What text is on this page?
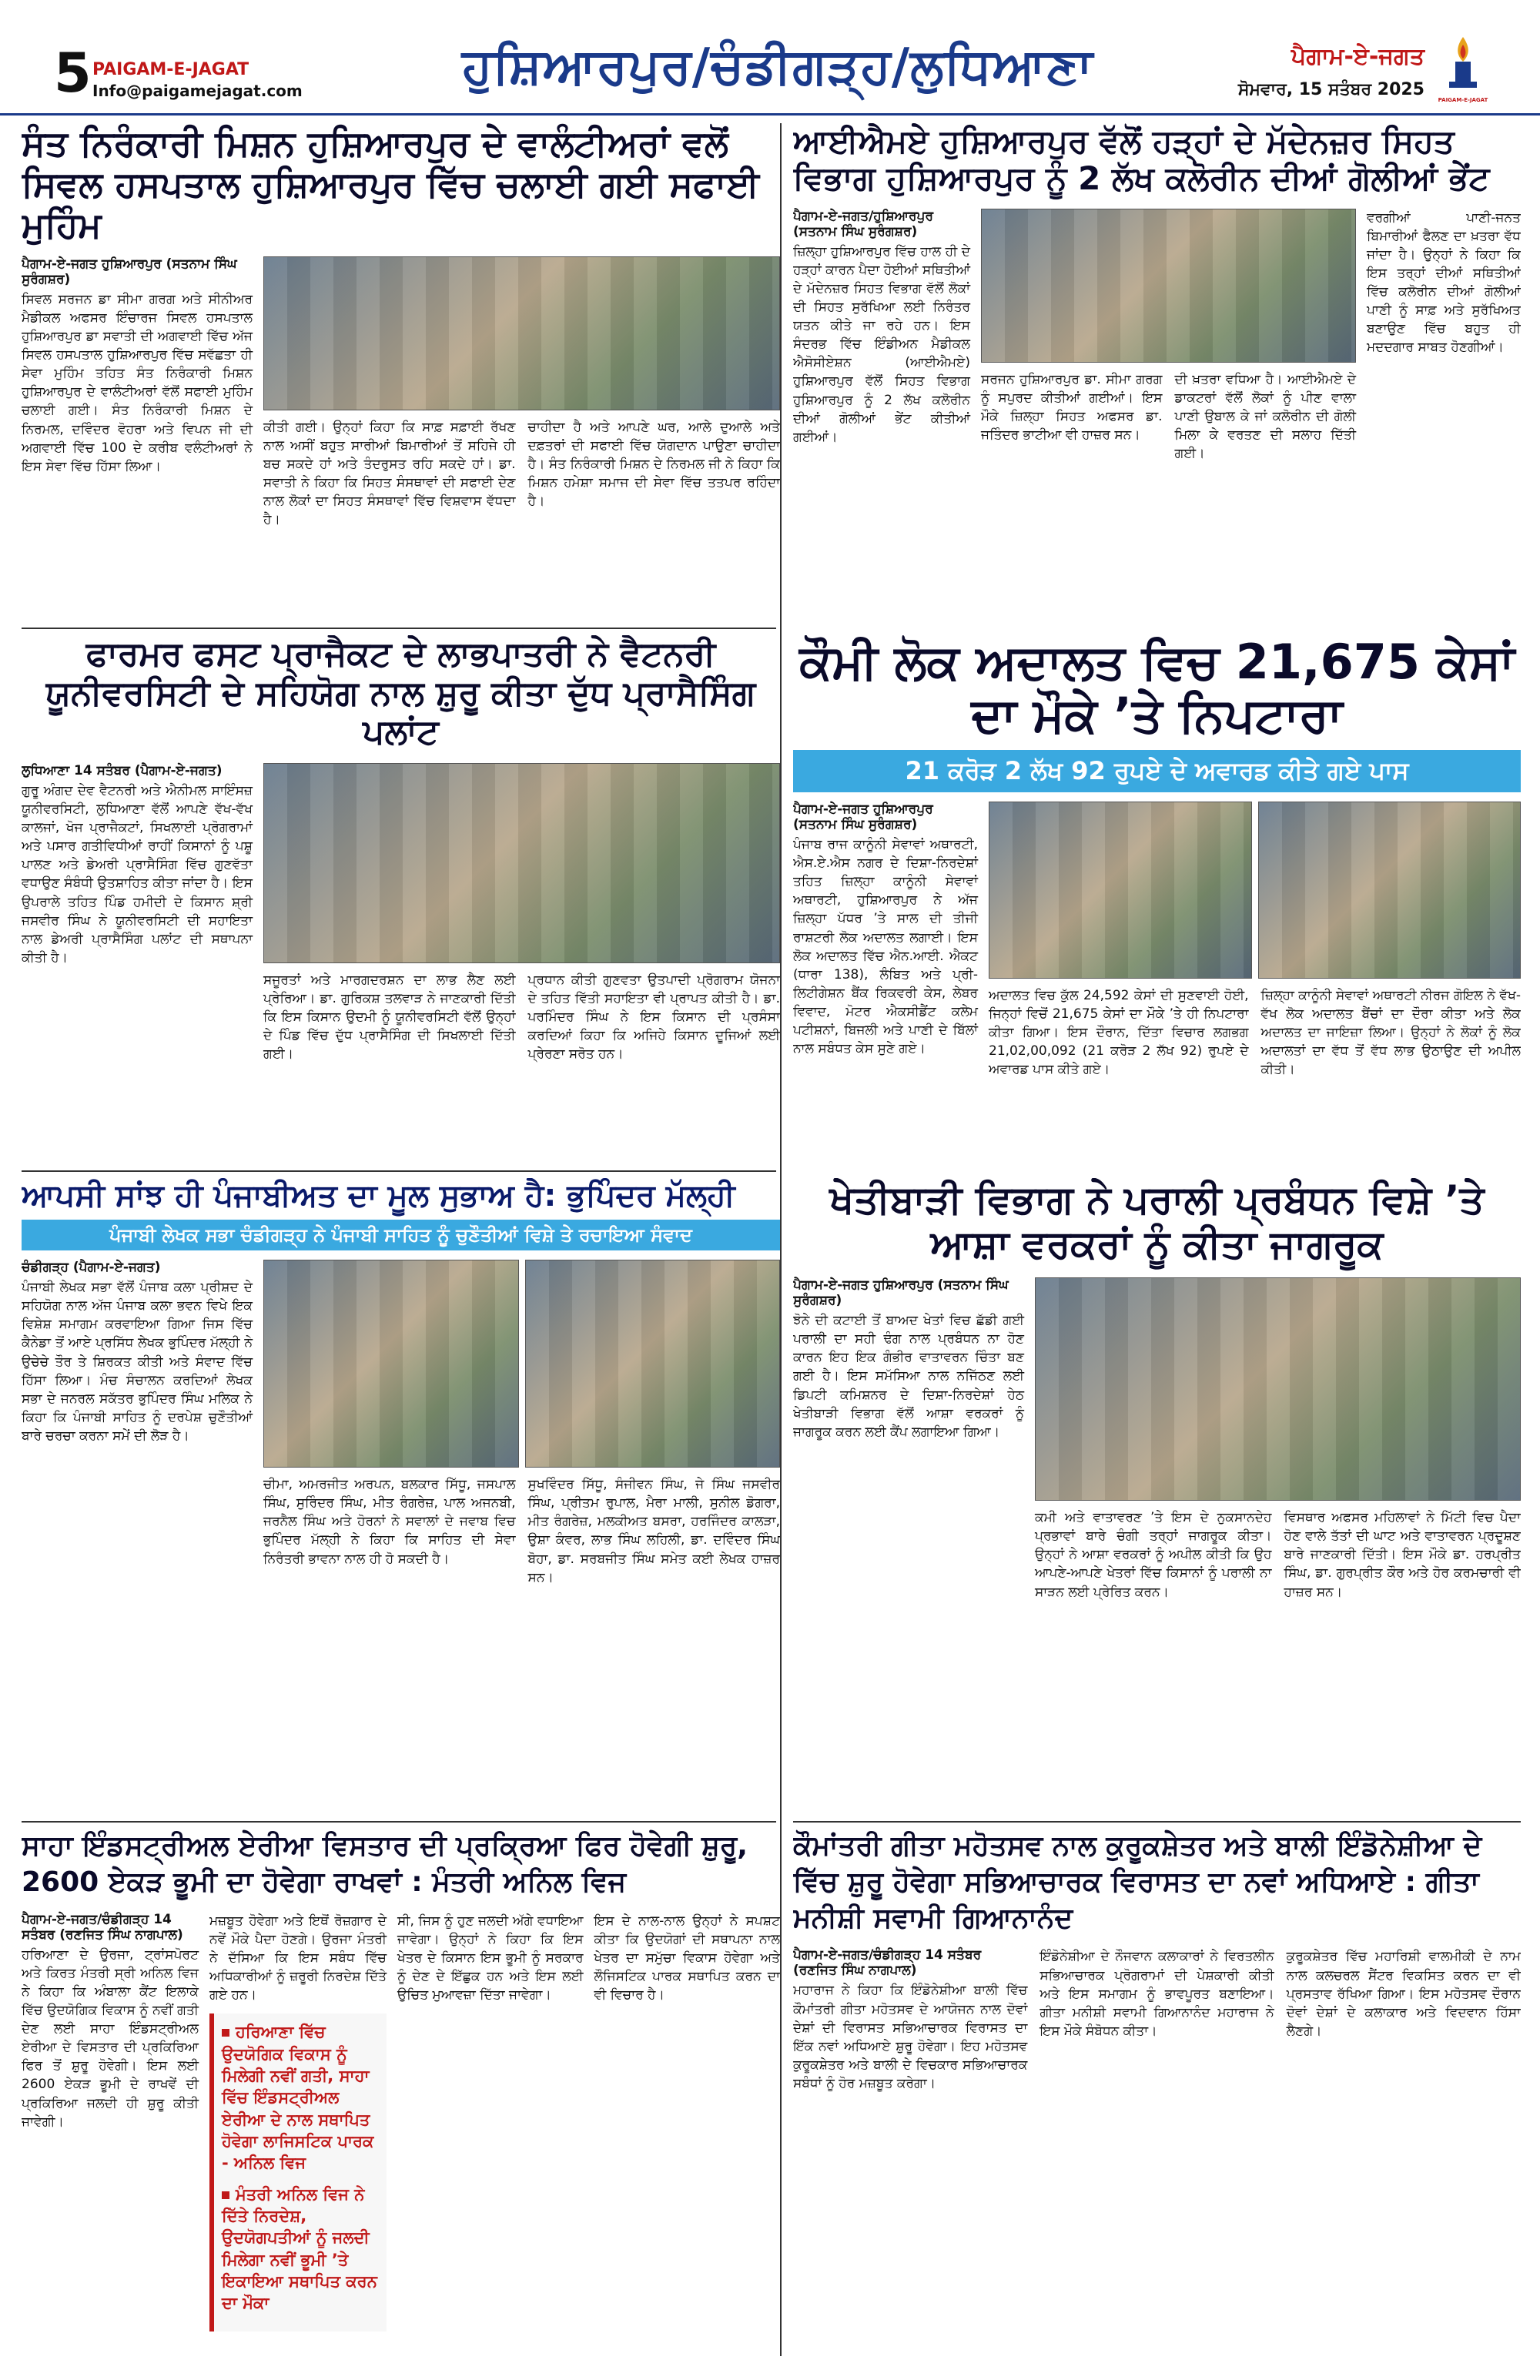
5 PAIGAM-E-JAGAT
Info@paigamejagat.com	ਹੁਸ਼ਿਆਰਪੁਰ/ਚੰਡੀਗੜ੍ਹ/ਲੁਧਿਆਣਾ	ਪੈਗਾਮ-ਏ-ਜਗਤ
ਸੋਮਵਾਰ, 15 ਸਤੰਬਰ 2025
PAIGAM-E-JAGAT
ਸੰਤ ਨਿਰੰਕਾਰੀ ਮਿਸ਼ਨ ਹੁਸ਼ਿਆਰਪੁਰ ਦੇ ਵਾਲੰਟੀਅਰਾਂ ਵਲੋਂ ਸਿਵਲ ਹਸਪਤਾਲ ਹੁਸ਼ਿਆਰਪੁਰ ਵਿੱਚ ਚਲਾਈ ਗਈ ਸਫਾਈ ਮੁਹਿੰਮ
ਪੈਗਾਮ-ਏ-ਜਗਤ ਹੁਸ਼ਿਆਰਪੁਰ (ਸਤਨਾਮ ਸਿੰਘ ਸੁਰੰਗਸ਼ਰ)

ਸਿਵਲ ਸਰਜਨ ਡਾ ਸੀਮਾ ਗਰਗ ਅਤੇ ਸੀਨੀਅਰ ਮੈਡੀਕਲ ਅਫਸਰ ਇੰਚਾਰਜ ਸਿਵਲ ਹਸਪਤਾਲ ਹੁਸ਼ਿਆਰਪੁਰ ਡਾ ਸਵਾਤੀ ਦੀ ਅਗਵਾਈ ਵਿੱਚ ਅੱਜ ਸਿਵਲ ਹਸਪਤਾਲ ਹੁਸ਼ਿਆਰਪੁਰ ਵਿੱਚ ਸਵੱਛਤਾ ਹੀ ਸੇਵਾ ਮੁਹਿੰਮ ਤਹਿਤ ਸੰਤ ਨਿਰੰਕਾਰੀ ਮਿਸ਼ਨ ਹੁਸ਼ਿਆਰਪੁਰ ਦੇ ਵਾਲੰਟੀਅਰਾਂ ਵੱਲੋਂ ਸਫਾਈ ਮੁਹਿੰਮ ਚਲਾਈ ਗਈ। ਸੰਤ ਨਿਰੰਕਾਰੀ ਮਿਸ਼ਨ ਦੇ ਨਿਰਮਲ, ਦਵਿੰਦਰ ਵੋਹਰਾ ਅਤੇ ਵਿਪਨ ਜੀ ਦੀ ਅਗਵਾਈ ਵਿੱਚ 100 ਦੇ ਕਰੀਬ ਵਲੰਟੀਅਰਾਂ ਨੇ ਇਸ ਸੇਵਾ ਵਿੱਚ ਹਿੱਸਾ ਲਿਆ।

ਕੀਤੀ ਗਈ। ਉਨ੍ਹਾਂ ਕਿਹਾ ਕਿ ਸਾਫ਼ ਸਫ਼ਾਈ ਰੱਖਣ ਨਾਲ ਅਸੀਂ ਬਹੁਤ ਸਾਰੀਆਂ ਬਿਮਾਰੀਆਂ ਤੋਂ ਸਹਿਜੇ ਹੀ ਬਚ ਸਕਦੇ ਹਾਂ ਅਤੇ ਤੰਦਰੁਸਤ ਰਹਿ ਸਕਦੇ ਹਾਂ। ਡਾ. ਸਵਾਤੀ ਨੇ ਕਿਹਾ ਕਿ ਸਿਹਤ ਸੰਸਥਾਵਾਂ ਦੀ ਸਫਾਈ ਦੇਣ ਨਾਲ ਲੋਕਾਂ ਦਾ ਸਿਹਤ ਸੰਸਥਾਵਾਂ ਵਿੱਚ ਵਿਸ਼ਵਾਸ ਵੱਧਦਾ ਹੈ।

ਚਾਹੀਦਾ ਹੈ ਅਤੇ ਆਪਣੇ ਘਰ, ਆਲੇ ਦੁਆਲੇ ਅਤੇ ਦਫ਼ਤਰਾਂ ਦੀ ਸਫਾਈ ਵਿੱਚ ਯੋਗਦਾਨ ਪਾਉਣਾ ਚਾਹੀਦਾ ਹੈ। ਸੰਤ ਨਿਰੰਕਾਰੀ ਮਿਸ਼ਨ ਦੇ ਨਿਰਮਲ ਜੀ ਨੇ ਕਿਹਾ ਕਿ ਮਿਸ਼ਨ ਹਮੇਸ਼ਾ ਸਮਾਜ ਦੀ ਸੇਵਾ ਵਿੱਚ ਤਤਪਰ ਰਹਿੰਦਾ ਹੈ।

ਆਈਐਮਏ ਹੁਸ਼ਿਆਰਪੁਰ ਵੱਲੋਂ ਹੜ੍ਹਾਂ ਦੇ ਮੱਦੇਨਜ਼ਰ ਸਿਹਤ ਵਿਭਾਗ ਹੁਸ਼ਿਆਰਪੁਰ ਨੂੰ 2 ਲੱਖ ਕਲੋਰੀਨ ਦੀਆਂ ਗੋਲੀਆਂ ਭੇਂਟ
ਪੈਗਾਮ-ਏ-ਜਗਤ/ਹੁਸ਼ਿਆਰਪੁਰ (ਸਤਨਾਮ ਸਿੰਘ ਸੁਰੰਗਸ਼ਰ)

ਜ਼ਿਲ੍ਹਾ ਹੁਸ਼ਿਆਰਪੁਰ ਵਿੱਚ ਹਾਲ ਹੀ ਦੇ ਹੜ੍ਹਾਂ ਕਾਰਨ ਪੈਦਾ ਹੋਈਆਂ ਸਥਿਤੀਆਂ ਦੇ ਮੱਦੇਨਜ਼ਰ ਸਿਹਤ ਵਿਭਾਗ ਵੱਲੋਂ ਲੋਕਾਂ ਦੀ ਸਿਹਤ ਸੁਰੱਖਿਆ ਲਈ ਨਿਰੰਤਰ ਯਤਨ ਕੀਤੇ ਜਾ ਰਹੇ ਹਨ। ਇਸ ਸੰਦਰਭ ਵਿੱਚ ਇੰਡੀਅਨ ਮੈਡੀਕਲ ਐਸੋਸੀਏਸ਼ਨ (ਆਈਐਮਏ) ਹੁਸ਼ਿਆਰਪੁਰ ਵੱਲੋਂ ਸਿਹਤ ਵਿਭਾਗ ਹੁਸ਼ਿਆਰਪੁਰ ਨੂੰ 2 ਲੱਖ ਕਲੋਰੀਨ ਦੀਆਂ ਗੋਲੀਆਂ ਭੇਂਟ ਕੀਤੀਆਂ ਗਈਆਂ।

ਸਰਜਨ ਹੁਸ਼ਿਆਰਪੁਰ ਡਾ. ਸੀਮਾ ਗਰਗ ਨੂੰ ਸਪੁਰਦ ਕੀਤੀਆਂ ਗਈਆਂ। ਇਸ ਮੌਕੇ ਜ਼ਿਲ੍ਹਾ ਸਿਹਤ ਅਫਸਰ ਡਾ. ਜਤਿੰਦਰ ਭਾਟੀਆ ਵੀ ਹਾਜ਼ਰ ਸਨ।

ਦੀ ਖ਼ਤਰਾ ਵਧਿਆ ਹੈ। ਆਈਐਮਏ ਦੇ ਡਾਕਟਰਾਂ ਵੱਲੋਂ ਲੋਕਾਂ ਨੂੰ ਪੀਣ ਵਾਲਾ ਪਾਣੀ ਉਬਾਲ ਕੇ ਜਾਂ ਕਲੋਰੀਨ ਦੀ ਗੋਲੀ ਮਿਲਾ ਕੇ ਵਰਤਣ ਦੀ ਸਲਾਹ ਦਿੱਤੀ ਗਈ।

ਵਰਗੀਆਂ ਪਾਣੀ-ਜਨਤ ਬਿਮਾਰੀਆਂ ਫੈਲਣ ਦਾ ਖ਼ਤਰਾ ਵੱਧ ਜਾਂਦਾ ਹੈ। ਉਨ੍ਹਾਂ ਨੇ ਕਿਹਾ ਕਿ ਇਸ ਤਰ੍ਹਾਂ ਦੀਆਂ ਸਥਿਤੀਆਂ ਵਿੱਚ ਕਲੋਰੀਨ ਦੀਆਂ ਗੋਲੀਆਂ ਪਾਣੀ ਨੂੰ ਸਾਫ਼ ਅਤੇ ਸੁਰੱਖਿਅਤ ਬਣਾਉਣ ਵਿੱਚ ਬਹੁਤ ਹੀ ਮਦਦਗਾਰ ਸਾਬਤ ਹੋਣਗੀਆਂ।

ਫਾਰਮਰ ਫਸਟ ਪ੍ਰਾਜੈਕਟ ਦੇ ਲਾਭਪਾਤਰੀ ਨੇ ਵੈਟਨਰੀ ਯੂਨੀਵਰਸਿਟੀ ਦੇ ਸਹਿਯੋਗ ਨਾਲ ਸ਼ੁਰੂ ਕੀਤਾ ਦੁੱਧ ਪ੍ਰਾਸੈਸਿੰਗ ਪਲਾਂਟ
ਲੁਧਿਆਣਾ 14 ਸਤੰਬਰ (ਪੈਗਾਮ-ਏ-ਜਗਤ)

ਗੁਰੂ ਅੰਗਦ ਦੇਵ ਵੈਟਨਰੀ ਅਤੇ ਐਨੀਮਲ ਸਾਇੰਸਜ਼ ਯੂਨੀਵਰਸਿਟੀ, ਲੁਧਿਆਣਾ ਵੱਲੋਂ ਆਪਣੇ ਵੱਖ-ਵੱਖ ਕਾਲਜਾਂ, ਖੋਜ ਪ੍ਰਾਜੈਕਟਾਂ, ਸਿਖਲਾਈ ਪ੍ਰੋਗਰਾਮਾਂ ਅਤੇ ਪਸਾਰ ਗਤੀਵਿਧੀਆਂ ਰਾਹੀਂ ਕਿਸਾਨਾਂ ਨੂੰ ਪਸ਼ੂ ਪਾਲਣ ਅਤੇ ਡੇਅਰੀ ਪ੍ਰਾਸੈਸਿੰਗ ਵਿੱਚ ਗੁਣਵੱਤਾ ਵਧਾਉਣ ਸੰਬੰਧੀ ਉਤਸ਼ਾਹਿਤ ਕੀਤਾ ਜਾਂਦਾ ਹੈ। ਇਸ ਉਪਰਾਲੇ ਤਹਿਤ ਪਿੰਡ ਹਮੀਦੀ ਦੇ ਕਿਸਾਨ ਸ਼੍ਰੀ ਜਸਵੀਰ ਸਿੰਘ ਨੇ ਯੂਨੀਵਰਸਿਟੀ ਦੀ ਸਹਾਇਤਾ ਨਾਲ ਡੇਅਰੀ ਪ੍ਰਾਸੈਸਿੰਗ ਪਲਾਂਟ ਦੀ ਸਥਾਪਨਾ ਕੀਤੀ ਹੈ।

ਸਜੂਰਤਾਂ ਅਤੇ ਮਾਰਗਦਰਸ਼ਨ ਦਾ ਲਾਭ ਲੈਣ ਲਈ ਪ੍ਰੇਰਿਆ। ਡਾ. ਗੁਰਿਕਸ਼ ਤਲਵਾੜ ਨੇ ਜਾਣਕਾਰੀ ਦਿੱਤੀ ਕਿ ਇਸ ਕਿਸਾਨ ਉਦਮੀ ਨੂੰ ਯੂਨੀਵਰਸਿਟੀ ਵੱਲੋਂ ਉਨ੍ਹਾਂ ਦੇ ਪਿੰਡ ਵਿੱਚ ਦੁੱਧ ਪ੍ਰਾਸੈਸਿੰਗ ਦੀ ਸਿਖਲਾਈ ਦਿੱਤੀ ਗਈ।

ਪ੍ਰਧਾਨ ਕੀਤੀ ਗੁਣਵਤਾ ਉਤਪਾਦੀ ਪ੍ਰੋਗਰਾਮ ਯੋਜਨਾ ਦੇ ਤਹਿਤ ਵਿੱਤੀ ਸਹਾਇਤਾ ਵੀ ਪ੍ਰਾਪਤ ਕੀਤੀ ਹੈ। ਡਾ. ਪਰਮਿੰਦਰ ਸਿੰਘ ਨੇ ਇਸ ਕਿਸਾਨ ਦੀ ਪ੍ਰਸੰਸਾ ਕਰਦਿਆਂ ਕਿਹਾ ਕਿ ਅਜਿਹੇ ਕਿਸਾਨ ਦੂਜਿਆਂ ਲਈ ਪ੍ਰੇਰਣਾ ਸਰੋਤ ਹਨ।

ਕੌਮੀ ਲੋਕ ਅਦਾਲਤ ਵਿਚ 21,675 ਕੇਸਾਂ ਦਾ ਮੌਕੇ ’ਤੇ ਨਿਪਟਾਰਾ
21 ਕਰੋੜ 2 ਲੱਖ 92 ਰੁਪਏ ਦੇ ਅਵਾਰਡ ਕੀਤੇ ਗਏ ਪਾਸ
ਪੈਗਾਮ-ਏ-ਜਗਤ ਹੁਸ਼ਿਆਰਪੁਰ (ਸਤਨਾਮ ਸਿੰਘ ਸੁਰੰਗਸ਼ਰ)

ਪੰਜਾਬ ਰਾਜ ਕਾਨੂੰਨੀ ਸੇਵਾਵਾਂ ਅਥਾਰਟੀ, ਐਸ.ਏ.ਐਸ ਨਗਰ ਦੇ ਦਿਸ਼ਾ-ਨਿਰਦੇਸ਼ਾਂ ਤਹਿਤ ਜ਼ਿਲ੍ਹਾ ਕਾਨੂੰਨੀ ਸੇਵਾਵਾਂ ਅਥਾਰਟੀ, ਹੁਸ਼ਿਆਰਪੁਰ ਨੇ ਅੱਜ ਜ਼ਿਲ੍ਹਾ ਪੱਧਰ ’ਤੇ ਸਾਲ ਦੀ ਤੀਜੀ ਰਾਸ਼ਟਰੀ ਲੋਕ ਅਦਾਲਤ ਲਗਾਈ। ਇਸ ਲੋਕ ਅਦਾਲਤ ਵਿੱਚ ਐਨ.ਆਈ. ਐਕਟ (ਧਾਰਾ 138), ਲੰਬਿਤ ਅਤੇ ਪ੍ਰੀ-ਲਿਟੀਗੇਸ਼ਨ ਬੈਂਕ ਰਿਕਵਰੀ ਕੇਸ, ਲੇਬਰ ਵਿਵਾਦ, ਮੋਟਰ ਐਕਸੀਡੈਂਟ ਕਲੇਮ ਪਟੀਸ਼ਨਾਂ, ਬਿਜਲੀ ਅਤੇ ਪਾਣੀ ਦੇ ਬਿੱਲਾਂ ਨਾਲ ਸਬੰਧਤ ਕੇਸ ਸੁਣੇ ਗਏ।

ਅਦਾਲਤ ਵਿਚ ਕੁੱਲ 24,592 ਕੇਸਾਂ ਦੀ ਸੁਣਵਾਈ ਹੋਈ, ਜਿਨ੍ਹਾਂ ਵਿਚੋਂ 21,675 ਕੇਸਾਂ ਦਾ ਮੌਕੇ ’ਤੇ ਹੀ ਨਿਪਟਾਰਾ ਕੀਤਾ ਗਿਆ। ਇਸ ਦੌਰਾਨ, ਦਿੱਤਾ ਵਿਚਾਰ ਲਗਭਗ 21,02,00,092 (21 ਕਰੋੜ 2 ਲੱਖ 92) ਰੁਪਏ ਦੇ ਅਵਾਰਡ ਪਾਸ ਕੀਤੇ ਗਏ।

ਜ਼ਿਲ੍ਹਾ ਕਾਨੂੰਨੀ ਸੇਵਾਵਾਂ ਅਥਾਰਟੀ ਨੀਰਜ ਗੋਇਲ ਨੇ ਵੱਖ-ਵੱਖ ਲੋਕ ਅਦਾਲਤ ਬੈਂਚਾਂ ਦਾ ਦੌਰਾ ਕੀਤਾ ਅਤੇ ਲੋਕ ਅਦਾਲਤ ਦਾ ਜਾਇਜ਼ਾ ਲਿਆ। ਉਨ੍ਹਾਂ ਨੇ ਲੋਕਾਂ ਨੂੰ ਲੋਕ ਅਦਾਲਤਾਂ ਦਾ ਵੱਧ ਤੋਂ ਵੱਧ ਲਾਭ ਉਠਾਉਣ ਦੀ ਅਪੀਲ ਕੀਤੀ।

ਆਪਸੀ ਸਾਂਝ ਹੀ ਪੰਜਾਬੀਅਤ ਦਾ ਮੂਲ ਸੁਭਾਅ ਹੈ: ਭੁਪਿੰਦਰ ਮੱਲ੍ਹੀ
ਪੰਜਾਬੀ ਲੇਖਕ ਸਭਾ ਚੰਡੀਗੜ੍ਹ ਨੇ ਪੰਜਾਬੀ ਸਾਹਿਤ ਨੂੰ ਚੁਣੌਤੀਆਂ ਵਿਸ਼ੇ ਤੇ ਰਚਾਇਆ ਸੰਵਾਦ
ਚੰਡੀਗੜ੍ਹ (ਪੈਗਾਮ-ਏ-ਜਗਤ)

ਪੰਜਾਬੀ ਲੇਖਕ ਸਭਾ ਵੱਲੋਂ ਪੰਜਾਬ ਕਲਾ ਪ੍ਰੀਸ਼ਦ ਦੇ ਸਹਿਯੋਗ ਨਾਲ ਅੱਜ ਪੰਜਾਬ ਕਲਾ ਭਵਨ ਵਿਖੇ ਇਕ ਵਿਸ਼ੇਸ਼ ਸਮਾਗਮ ਕਰਵਾਇਆ ਗਿਆ ਜਿਸ ਵਿੱਚ ਕੈਨੇਡਾ ਤੋਂ ਆਏ ਪ੍ਰਸਿੱਧ ਲੇਖਕ ਭੁਪਿੰਦਰ ਮੱਲ੍ਹੀ ਨੇ ਉਚੇਚੇ ਤੌਰ ਤੇ ਸ਼ਿਰਕਤ ਕੀਤੀ ਅਤੇ ਸੰਵਾਦ ਵਿੱਚ ਹਿੱਸਾ ਲਿਆ। ਮੰਚ ਸੰਚਾਲਨ ਕਰਦਿਆਂ ਲੇਖਕ ਸਭਾ ਦੇ ਜਨਰਲ ਸਕੱਤਰ ਭੁਪਿੰਦਰ ਸਿੰਘ ਮਲਿਕ ਨੇ ਕਿਹਾ ਕਿ ਪੰਜਾਬੀ ਸਾਹਿਤ ਨੂੰ ਦਰਪੇਸ਼ ਚੁਣੌਤੀਆਂ ਬਾਰੇ ਚਰਚਾ ਕਰਨਾ ਸਮੇਂ ਦੀ ਲੋੜ ਹੈ।

ਚੀਮਾ, ਅਮਰਜੀਤ ਅਰਪਨ, ਬਲਕਾਰ ਸਿੱਧੂ, ਜਸਪਾਲ ਸਿੰਘ, ਸੁਰਿੰਦਰ ਸਿੰਘ, ਮੀਤ ਰੰਗਰੇਜ਼, ਪਾਲ ਅਜਨਬੀ, ਜਰਨੈਲ ਸਿੰਘ ਅਤੇ ਹੋਰਨਾਂ ਨੇ ਸਵਾਲਾਂ ਦੇ ਜਵਾਬ ਵਿਚ ਭੁਪਿੰਦਰ ਮੱਲ੍ਹੀ ਨੇ ਕਿਹਾ ਕਿ ਸਾਹਿਤ ਦੀ ਸੇਵਾ ਨਿਰੰਤਰੀ ਭਾਵਨਾ ਨਾਲ ਹੀ ਹੋ ਸਕਦੀ ਹੈ।

ਸੁਖਵਿੰਦਰ ਸਿੱਧੂ, ਸੰਜੀਵਨ ਸਿੰਘ, ਜੇ ਸਿੰਘ ਜਸਵੀਰ ਸਿੰਘ, ਪ੍ਰੀਤਮ ਰੁਪਾਲ, ਮੈਰਾ ਮਾਲੀ, ਸੁਨੀਲ ਡੋਗਰਾ, ਮੀਤ ਰੰਗਰੇਜ਼, ਮਲਕੀਅਤ ਬਸਰਾ, ਹਰਜਿੰਦਰ ਕਾਲੜਾ, ਉਸ਼ਾ ਕੰਵਰ, ਲਾਭ ਸਿੰਘ ਲਹਿਲੀ, ਡਾ. ਦਵਿੰਦਰ ਸਿੰਘ ਬੋਹਾ, ਡਾ. ਸਰਬਜੀਤ ਸਿੰਘ ਸਮੇਤ ਕਈ ਲੇਖਕ ਹਾਜ਼ਰ ਸਨ।

ਖੇਤੀਬਾੜੀ ਵਿਭਾਗ ਨੇ ਪਰਾਲੀ ਪ੍ਰਬੰਧਨ ਵਿਸ਼ੇ ’ਤੇ ਆਸ਼ਾ ਵਰਕਰਾਂ ਨੂੰ ਕੀਤਾ ਜਾਗਰੂਕ
ਪੈਗਾਮ-ਏ-ਜਗਤ ਹੁਸ਼ਿਆਰਪੁਰ (ਸਤਨਾਮ ਸਿੰਘ ਸੁਰੰਗਸ਼ਰ)

ਝੋਨੇ ਦੀ ਕਟਾਈ ਤੋਂ ਬਾਅਦ ਖੇਤਾਂ ਵਿਚ ਛੱਡੀ ਗਈ ਪਰਾਲੀ ਦਾ ਸਹੀ ਢੰਗ ਨਾਲ ਪ੍ਰਬੰਧਨ ਨਾ ਹੋਣ ਕਾਰਨ ਇਹ ਇਕ ਗੰਭੀਰ ਵਾਤਾਵਰਨ ਚਿੰਤਾ ਬਣ ਗਈ ਹੈ। ਇਸ ਸਮੱਸਿਆ ਨਾਲ ਨਜਿੱਠਣ ਲਈ ਡਿਪਟੀ ਕਮਿਸ਼ਨਰ ਦੇ ਦਿਸ਼ਾ-ਨਿਰਦੇਸ਼ਾਂ ਹੇਠ ਖੇਤੀਬਾੜੀ ਵਿਭਾਗ ਵੱਲੋਂ ਆਸ਼ਾ ਵਰਕਰਾਂ ਨੂੰ ਜਾਗਰੂਕ ਕਰਨ ਲਈ ਕੈਂਪ ਲਗਾਇਆ ਗਿਆ।

ਕਮੀ ਅਤੇ ਵਾਤਾਵਰਣ ’ਤੇ ਇਸ ਦੇ ਨੁਕਸਾਨਦੇਹ ਪ੍ਰਭਾਵਾਂ ਬਾਰੇ ਚੰਗੀ ਤਰ੍ਹਾਂ ਜਾਗਰੂਕ ਕੀਤਾ। ਉਨ੍ਹਾਂ ਨੇ ਆਸ਼ਾ ਵਰਕਰਾਂ ਨੂੰ ਅਪੀਲ ਕੀਤੀ ਕਿ ਉਹ ਆਪਣੇ-ਆਪਣੇ ਖੇਤਰਾਂ ਵਿੱਚ ਕਿਸਾਨਾਂ ਨੂੰ ਪਰਾਲੀ ਨਾ ਸਾੜਨ ਲਈ ਪ੍ਰੇਰਿਤ ਕਰਨ।

ਵਿਸਥਾਰ ਅਫਸਰ ਮਹਿਲਾਵਾਂ ਨੇ ਮਿੱਟੀ ਵਿਚ ਪੈਦਾ ਹੋਣ ਵਾਲੇ ਤੱਤਾਂ ਦੀ ਘਾਟ ਅਤੇ ਵਾਤਾਵਰਨ ਪ੍ਰਦੂਸ਼ਣ ਬਾਰੇ ਜਾਣਕਾਰੀ ਦਿੱਤੀ। ਇਸ ਮੌਕੇ ਡਾ. ਹਰਪ੍ਰੀਤ ਸਿੰਘ, ਡਾ. ਗੁਰਪ੍ਰੀਤ ਕੌਰ ਅਤੇ ਹੋਰ ਕਰਮਚਾਰੀ ਵੀ ਹਾਜ਼ਰ ਸਨ।

ਕੌਮਾਂਤਰੀ ਗੀਤਾ ਮਹੋਤਸਵ ਨਾਲ ਕੁਰੂਕਸ਼ੇਤਰ ਅਤੇ ਬਾਲੀ ਇੰਡੋਨੇਸ਼ੀਆ ਦੇ ਵਿੱਚ ਸ਼ੁਰੂ ਹੋਵੇਗਾ ਸਭਿਆਚਾਰਕ ਵਿਰਾਸਤ ਦਾ ਨਵਾਂ ਅਧਿਆਏ : ਗੀਤਾ ਮਨੀਸ਼ੀ ਸਵਾਮੀ ਗਿਆਨਾਨੰਦ
ਪੈਗਾਮ-ਏ-ਜਗਤ/ਚੰਡੀਗੜ੍ਹ 14 ਸਤੰਬਰ (ਰਣਜਿਤ ਸਿੰਘ ਨਾਗਪਾਲ)

ਮਹਾਰਾਜ ਨੇ ਕਿਹਾ ਕਿ ਇੰਡੋਨੇਸ਼ੀਆ ਬਾਲੀ ਵਿੱਚ ਕੌਮਾਂਤਰੀ ਗੀਤਾ ਮਹੋਤਸਵ ਦੇ ਆਯੋਜਨ ਨਾਲ ਦੋਵਾਂ ਦੇਸ਼ਾਂ ਦੀ ਵਿਰਾਸਤ ਸਭਿਆਚਾਰਕ ਵਿਰਾਸਤ ਦਾ ਇੱਕ ਨਵਾਂ ਅਧਿਆਏ ਸ਼ੁਰੂ ਹੋਵੇਗਾ। ਇਹ ਮਹੋਤਸਵ ਕੁਰੂਕਸ਼ੇਤਰ ਅਤੇ ਬਾਲੀ ਦੇ ਵਿਚਕਾਰ ਸਭਿਆਚਾਰਕ ਸਬੰਧਾਂ ਨੂੰ ਹੋਰ ਮਜ਼ਬੂਤ ਕਰੇਗਾ।

ਇੰਡੋਨੇਸ਼ੀਆ ਦੇ ਨੌਜਵਾਨ ਕਲਾਕਾਰਾਂ ਨੇ ਵਿਰਤਲੀਨ ਸਭਿਆਚਾਰਕ ਪ੍ਰੋਗਰਾਮਾਂ ਦੀ ਪੇਸ਼ਕਾਰੀ ਕੀਤੀ ਅਤੇ ਇਸ ਸਮਾਗਮ ਨੂੰ ਭਾਵਪੂਰਤ ਬਣਾਇਆ। ਗੀਤਾ ਮਨੀਸ਼ੀ ਸਵਾਮੀ ਗਿਆਨਾਨੰਦ ਮਹਾਰਾਜ ਨੇ ਇਸ ਮੌਕੇ ਸੰਬੋਧਨ ਕੀਤਾ।

ਕੁਰੂਕਸ਼ੇਤਰ ਵਿੱਚ ਮਹਾਰਿਸ਼ੀ ਵਾਲਮੀਕੀ ਦੇ ਨਾਮ ਨਾਲ ਕਲਚਰਲ ਸੈਂਟਰ ਵਿਕਸਿਤ ਕਰਨ ਦਾ ਵੀ ਪ੍ਰਸਤਾਵ ਰੱਖਿਆ ਗਿਆ। ਇਸ ਮਹੋਤਸਵ ਦੌਰਾਨ ਦੋਵਾਂ ਦੇਸ਼ਾਂ ਦੇ ਕਲਾਕਾਰ ਅਤੇ ਵਿਦਵਾਨ ਹਿੱਸਾ ਲੈਣਗੇ।

ਸਾਹਾ ਇੰਡਸਟ੍ਰੀਅਲ ਏਰੀਆ ਵਿਸਤਾਰ ਦੀ ਪ੍ਰਕ੍ਰਿਆ ਫਿਰ ਹੋਵੇਗੀ ਸ਼ੁਰੂ, 2600 ਏਕੜ ਭੂਮੀ ਦਾ ਹੋਵੇਗਾ ਰਾਖਵਾਂ : ਮੰਤਰੀ ਅਨਿਲ ਵਿਜ
ਪੈਗਾਮ-ਏ-ਜਗਤ/ਚੰਡੀਗੜ੍ਹ 14 ਸਤੰਬਰ (ਰਣਜਿਤ ਸਿੰਘ ਨਾਗਪਾਲ)

ਹਰਿਆਣਾ ਦੇ ਉਰਜਾ, ਟ੍ਰਾਂਸਪੋਰਟ ਅਤੇ ਕਿਰਤ ਮੰਤਰੀ ਸ੍ਰੀ ਅਨਿਲ ਵਿਜ ਨੇ ਕਿਹਾ ਕਿ ਅੰਬਾਲਾ ਕੈਂਟ ਇਲਾਕੇ ਵਿੱਚ ਉਦਯੋਗਿਕ ਵਿਕਾਸ ਨੂੰ ਨਵੀਂ ਗਤੀ ਦੇਣ ਲਈ ਸਾਹਾ ਇੰਡਸਟ੍ਰੀਅਲ ਏਰੀਆ ਦੇ ਵਿਸਤਾਰ ਦੀ ਪ੍ਰਕਿਰਿਆ ਫਿਰ ਤੋਂ ਸ਼ੁਰੂ ਹੋਵੇਗੀ। ਇਸ ਲਈ 2600 ਏਕੜ ਭੂਮੀ ਦੇ ਰਾਖਵੇਂ ਦੀ ਪ੍ਰਕਿਰਿਆ ਜਲਦੀ ਹੀ ਸ਼ੁਰੂ ਕੀਤੀ ਜਾਵੇਗੀ।

ਮਜ਼ਬੂਤ ਹੋਵੇਗਾ ਅਤੇ ਇਥੋਂ ਰੋਜ਼ਗਾਰ ਦੇ ਨਵੇਂ ਮੌਕੇ ਪੈਦਾ ਹੋਣਗੇ। ਉਰਜਾ ਮੰਤਰੀ ਨੇ ਦੱਸਿਆ ਕਿ ਇਸ ਸਬੰਧ ਵਿੱਚ ਅਧਿਕਾਰੀਆਂ ਨੂੰ ਜ਼ਰੂਰੀ ਨਿਰਦੇਸ਼ ਦਿੱਤੇ ਗਏ ਹਨ।

ਹਰਿਆਣਾ ਵਿੱਚ ਉਦਯੋਗਿਕ ਵਿਕਾਸ ਨੂੰ ਮਿਲੇਗੀ ਨਵੀਂ ਗਤੀ, ਸਾਹਾ ਵਿੱਚ ਇੰਡਸਟ੍ਰੀਅਲ ਏਰੀਆ ਦੇ ਨਾਲ ਸਥਾਪਿਤ ਹੋਵੇਗਾ ਲਾਜਿਸਟਿਕ ਪਾਰਕ - ਅਨਿਲ ਵਿਜ
ਮੰਤਰੀ ਅਨਿਲ ਵਿਜ ਨੇ ਦਿੱਤੇ ਨਿਰਦੇਸ਼, ਉਦਯੋਗਪਤੀਆਂ ਨੂੰ ਜਲਦੀ ਮਿਲੇਗਾ ਨਵੀਂ ਭੂਮੀ ’ਤੇ ਇਕਾਇਆ ਸਥਾਪਿਤ ਕਰਨ ਦਾ ਮੌਕਾ

ਸੀ, ਜਿਸ ਨੂੰ ਹੁਣ ਜਲਦੀ ਅੱਗੇ ਵਧਾਇਆ ਜਾਵੇਗਾ। ਉਨ੍ਹਾਂ ਨੇ ਕਿਹਾ ਕਿ ਇਸ ਖੇਤਰ ਦੇ ਕਿਸਾਨ ਇਸ ਭੂਮੀ ਨੂੰ ਸਰਕਾਰ ਨੂੰ ਦੇਣ ਦੇ ਇੱਛੁਕ ਹਨ ਅਤੇ ਇਸ ਲਈ ਉਚਿਤ ਮੁਆਵਜ਼ਾ ਦਿੱਤਾ ਜਾਵੇਗਾ।

ਇਸ ਦੇ ਨਾਲ-ਨਾਲ ਉਨ੍ਹਾਂ ਨੇ ਸਪਸ਼ਟ ਕੀਤਾ ਕਿ ਉਦਯੋਗਾਂ ਦੀ ਸਥਾਪਨਾ ਨਾਲ ਖੇਤਰ ਦਾ ਸਮੁੱਚਾ ਵਿਕਾਸ ਹੋਵੇਗਾ ਅਤੇ ਲੌਜਿਸਟਿਕ ਪਾਰਕ ਸਥਾਪਿਤ ਕਰਨ ਦਾ ਵੀ ਵਿਚਾਰ ਹੈ।
